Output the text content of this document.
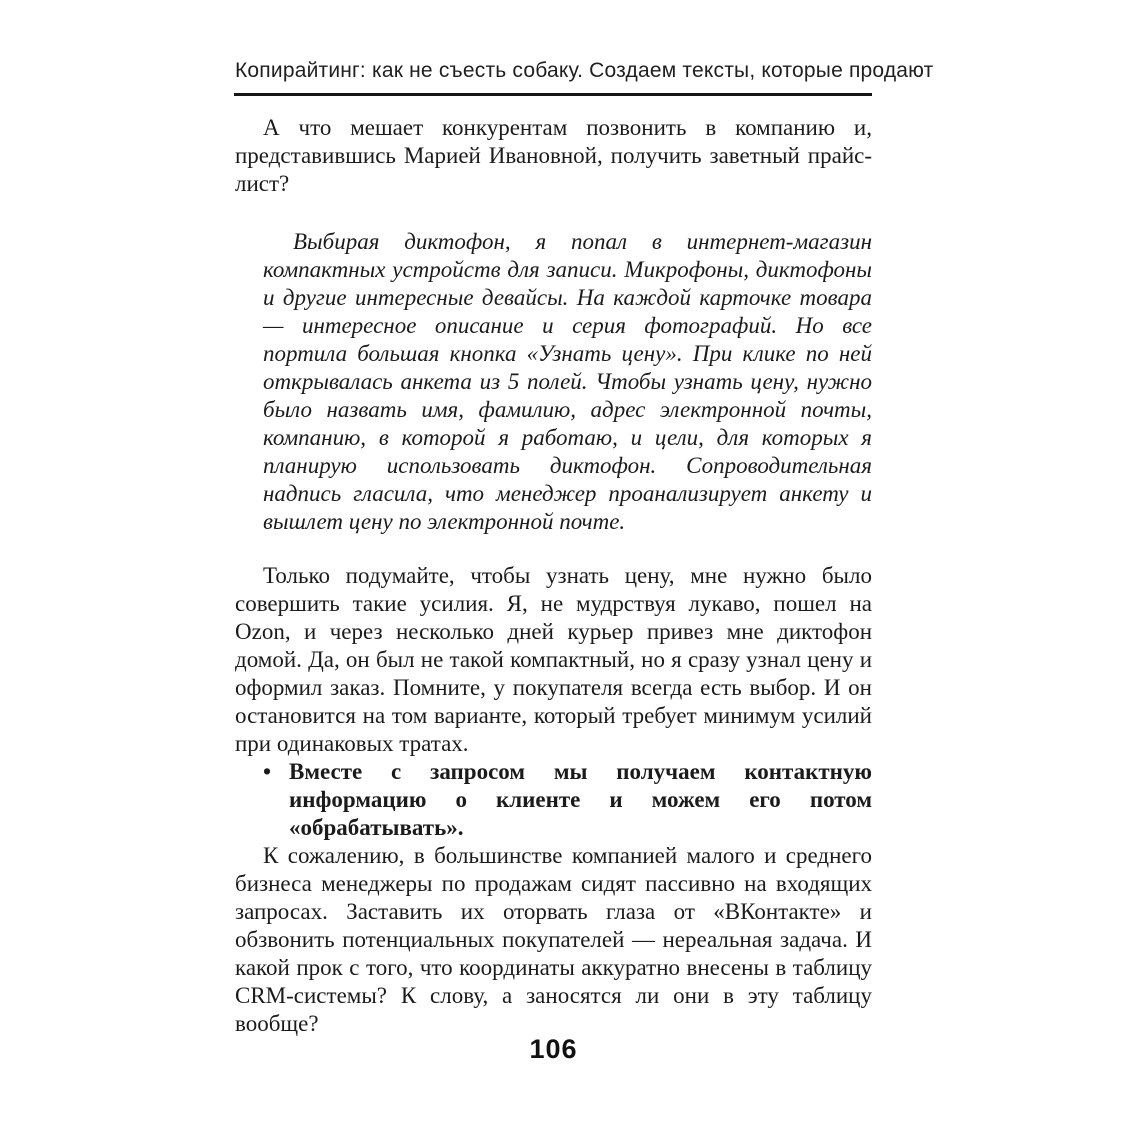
Копирайтинг: как не съесть собаку. Создаем тексты, которые продают

А что мешает конкурентам позвонить в компанию и, представившись Марией Ивановной, получить заветный прайс-лист?

Выбирая диктофон, я попал в интернет-магазин компактных устройств для записи. Микрофоны, диктофоны и другие интересные девайсы. На каждой карточке товара — интересное описание и серия фотографий. Но все портила большая кнопка «Узнать цену». При клике по ней открывалась анкета из 5 полей. Чтобы узнать цену, нужно было назвать имя, фамилию, адрес электронной почты, компанию, в которой я работаю, и цели, для которых я планирую использовать диктофон. Сопроводительная надпись гласила, что менеджер проанализирует анкету и вышлет цену по электронной почте.

Только подумайте, чтобы узнать цену, мне нужно было совершить такие усилия. Я, не мудрствуя лукаво, пошел на Ozon, и через несколько дней курьер привез мне диктофон домой. Да, он был не такой компактный, но я сразу узнал цену и оформил заказ. Помните, у покупателя всегда есть выбор. И он остановится на том варианте, который требует минимум усилий при одинаковых тратах.

• Вместе с запросом мы получаем контактную информацию о клиенте и можем его потом «обрабатывать».

К сожалению, в большинстве компанией малого и среднего бизнеса менеджеры по продажам сидят пассивно на входящих запросах. Заставить их оторвать глаза от «ВКонтакте» и обзвонить потенциальных покупателей — нереальная задача. И какой прок с того, что координаты аккуратно внесены в таблицу CRM-системы? К слову, а заносятся ли они в эту таблицу вообще?

106
